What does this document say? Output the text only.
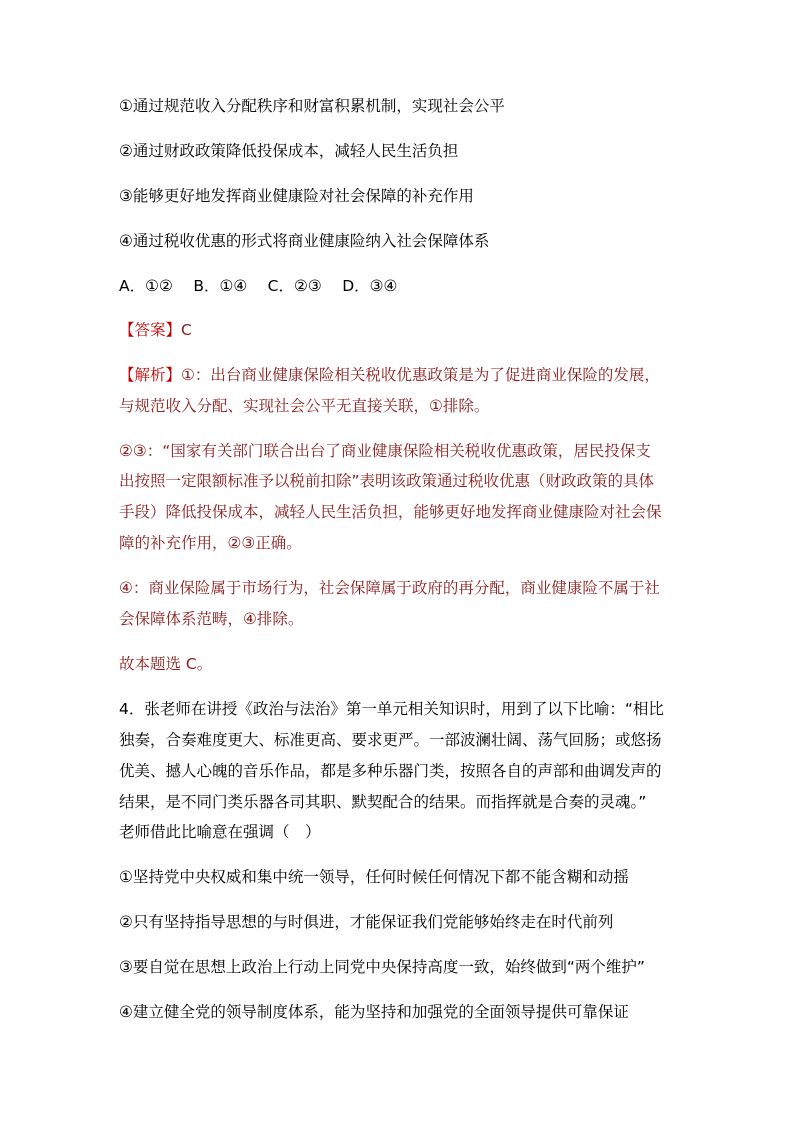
①通过规范收入分配秩序和财富积累机制，实现社会公平
②通过财政政策降低投保成本，减轻人民生活负担
③能够更好地发挥商业健康险对社会保障的补充作用
④通过税收优惠的形式将商业健康险纳入社会保障体系
A．①②　 B．①④　 C．②③　 D．③④
【答案】C
【解析】①：出台商业健康保险相关税收优惠政策是为了促进商业保险的发展，
与规范收入分配、实现社会公平无直接关联，①排除。
②③：“国家有关部门联合出台了商业健康保险相关税收优惠政策，居民投保支
出按照一定限额标准予以税前扣除”表明该政策通过税收优惠（财政政策的具体
手段）降低投保成本，减轻人民生活负担，能够更好地发挥商业健康险对社会保
障的补充作用，②③正确。
④：商业保险属于市场行为，社会保障属于政府的再分配，商业健康险不属于社
会保障体系范畴，④排除。
故本题选 C。
4．张老师在讲授《政治与法治》第一单元相关知识时，用到了以下比喻：“相比
独奏，合奏难度更大、标准更高、要求更严。一部波澜壮阔、荡气回肠；或悠扬
优美、撼人心魄的音乐作品，都是多种乐器门类，按照各自的声部和曲调发声的
结果，是不同门类乐器各司其职、默契配合的结果。而指挥就是合奏的灵魂。”
老师借此比喻意在强调（　）
①坚持党中央权威和集中统一领导，任何时候任何情况下都不能含糊和动摇
②只有坚持指导思想的与时俱进，才能保证我们党能够始终走在时代前列
③要自觉在思想上政治上行动上同党中央保持高度一致，始终做到“两个维护”
④建立健全党的领导制度体系，能为坚持和加强党的全面领导提供可靠保证
